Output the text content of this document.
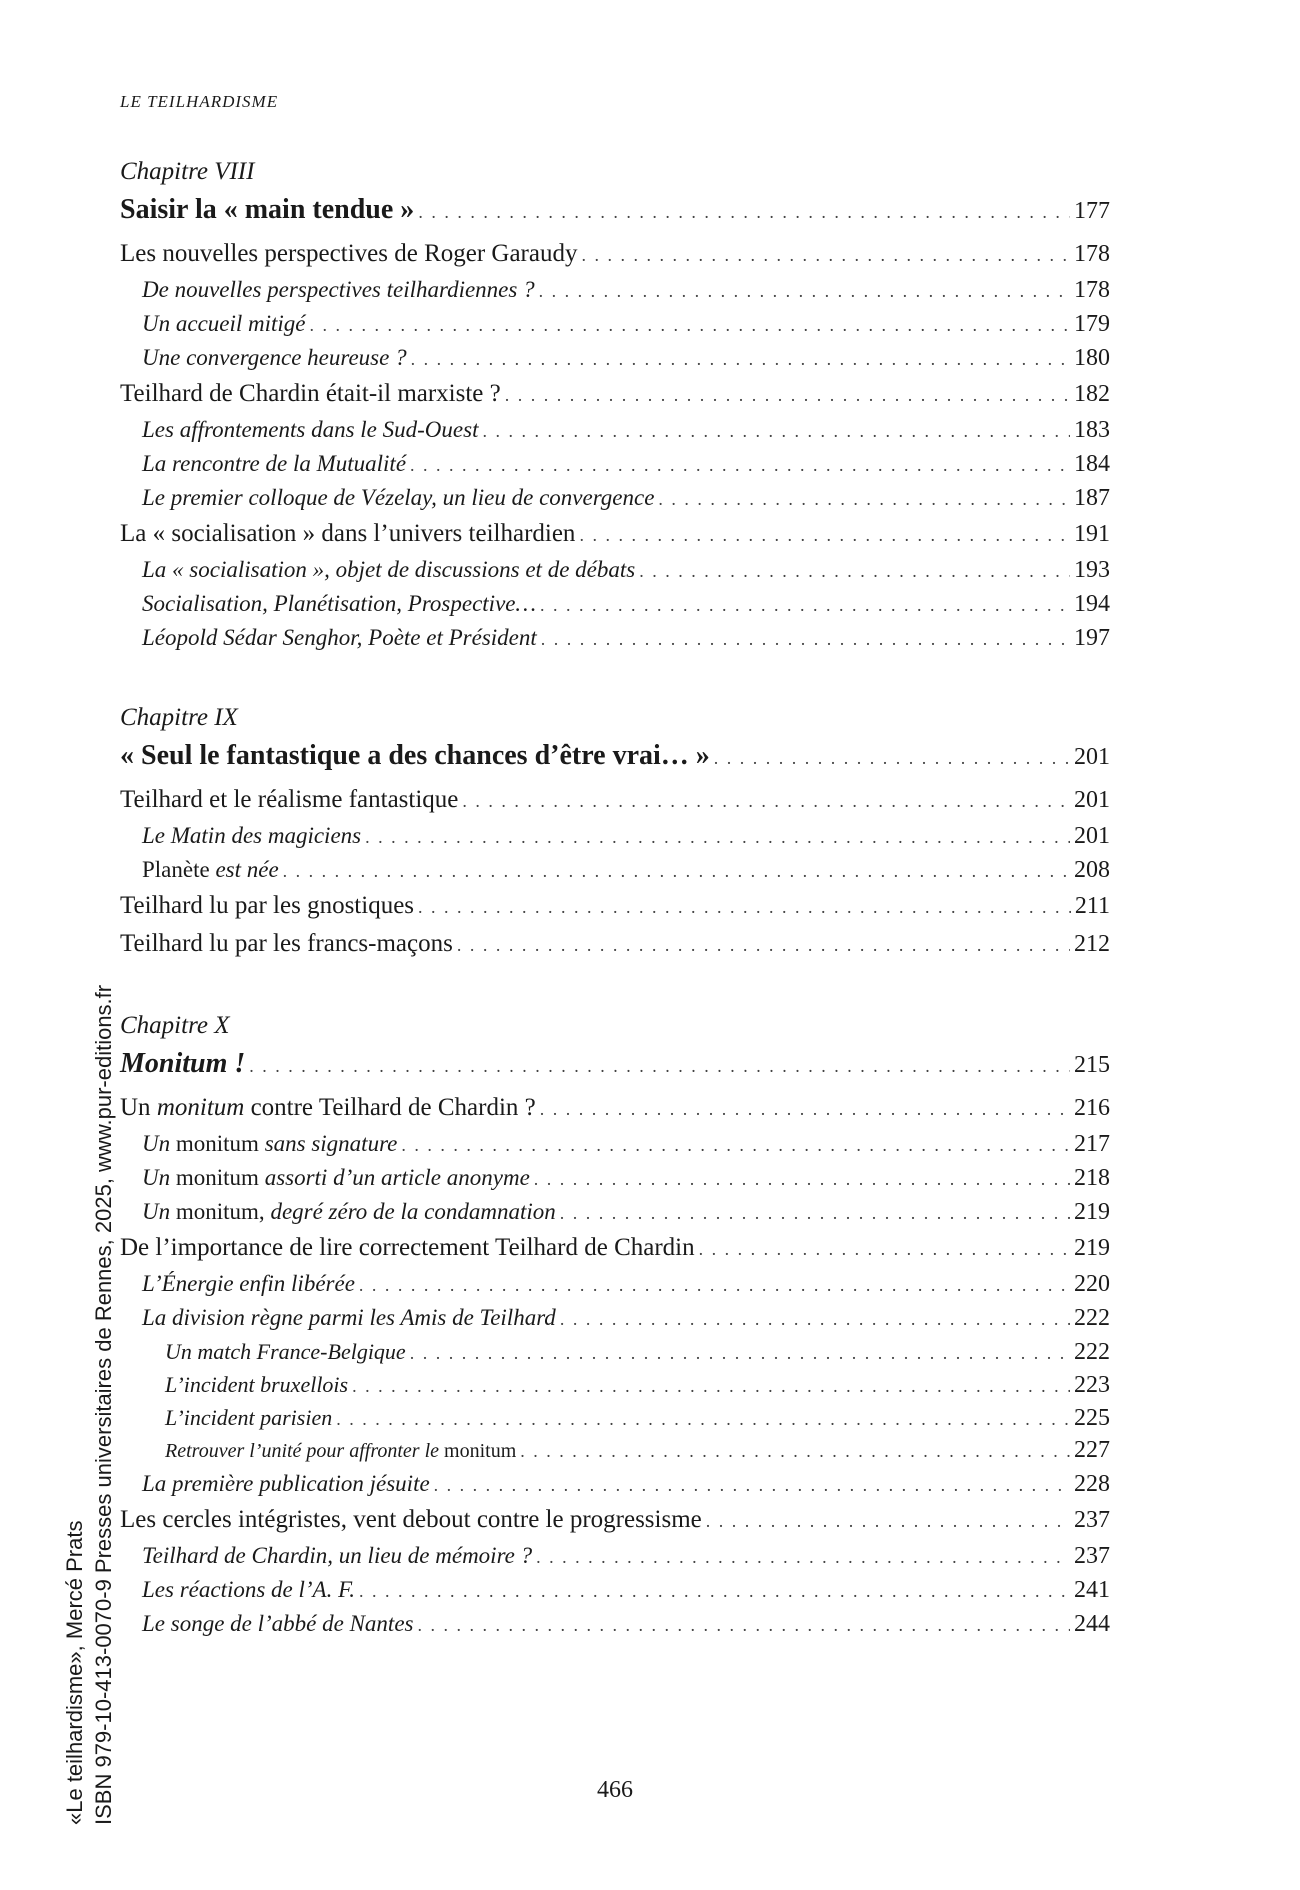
LE TEILHARDISME
Chapitre VIII
Saisir la « main tendue » . . .	177
Les nouvelles perspectives de Roger Garaudy . . .	178
De nouvelles perspectives teilhardiennes ? . . .	178
Un accueil mitigé . . .	179
Une convergence heureuse ? . . .	180
Teilhard de Chardin était-il marxiste ? . . .	182
Les affrontements dans le Sud-Ouest . . .	183
La rencontre de la Mutualité . . .	184
Le premier colloque de Vézelay, un lieu de convergence . . .	187
La « socialisation » dans l’univers teilhardien . . .	191
La « socialisation », objet de discussions et de débats . . .	193
Socialisation, Planétisation, Prospective… . . .	194
Léopold Sédar Senghor, Poète et Président . . .	197
Chapitre IX
« Seul le fantastique a des chances d’être vrai… » . . .	201
Teilhard et le réalisme fantastique . . .	201
Le Matin des magiciens . . .	201
Planète est née . . .	208
Teilhard lu par les gnostiques . . .	211
Teilhard lu par les francs-maçons . . .	212
Chapitre X
Monitum ! . . .	215
Un monitum contre Teilhard de Chardin ? . . .	216
Un monitum sans signature . . .	217
Un monitum assorti d’un article anonyme . . .	218
Un monitum, degré zéro de la condamnation . . .	219
De l’importance de lire correctement Teilhard de Chardin . . .	219
L’Énergie enfin libérée . . .	220
La division règne parmi les Amis de Teilhard . . .	222
Un match France-Belgique . . .	222
L’incident bruxellois . . .	223
L’incident parisien . . .	225
Retrouver l’unité pour affronter le monitum . . .	227
La première publication jésuite . . .	228
Les cercles intégristes, vent debout contre le progressisme . . .	237
Teilhard de Chardin, un lieu de mémoire ? . . .	237
Les réactions de l’A. F. . . .	241
Le songe de l’abbé de Nantes . . .	244
«Le teilhardisme», Mercé Prats ISBN 979-10-413-0070-9 Presses universitaires de Rennes, 2025, www.pur-editions.fr	466
